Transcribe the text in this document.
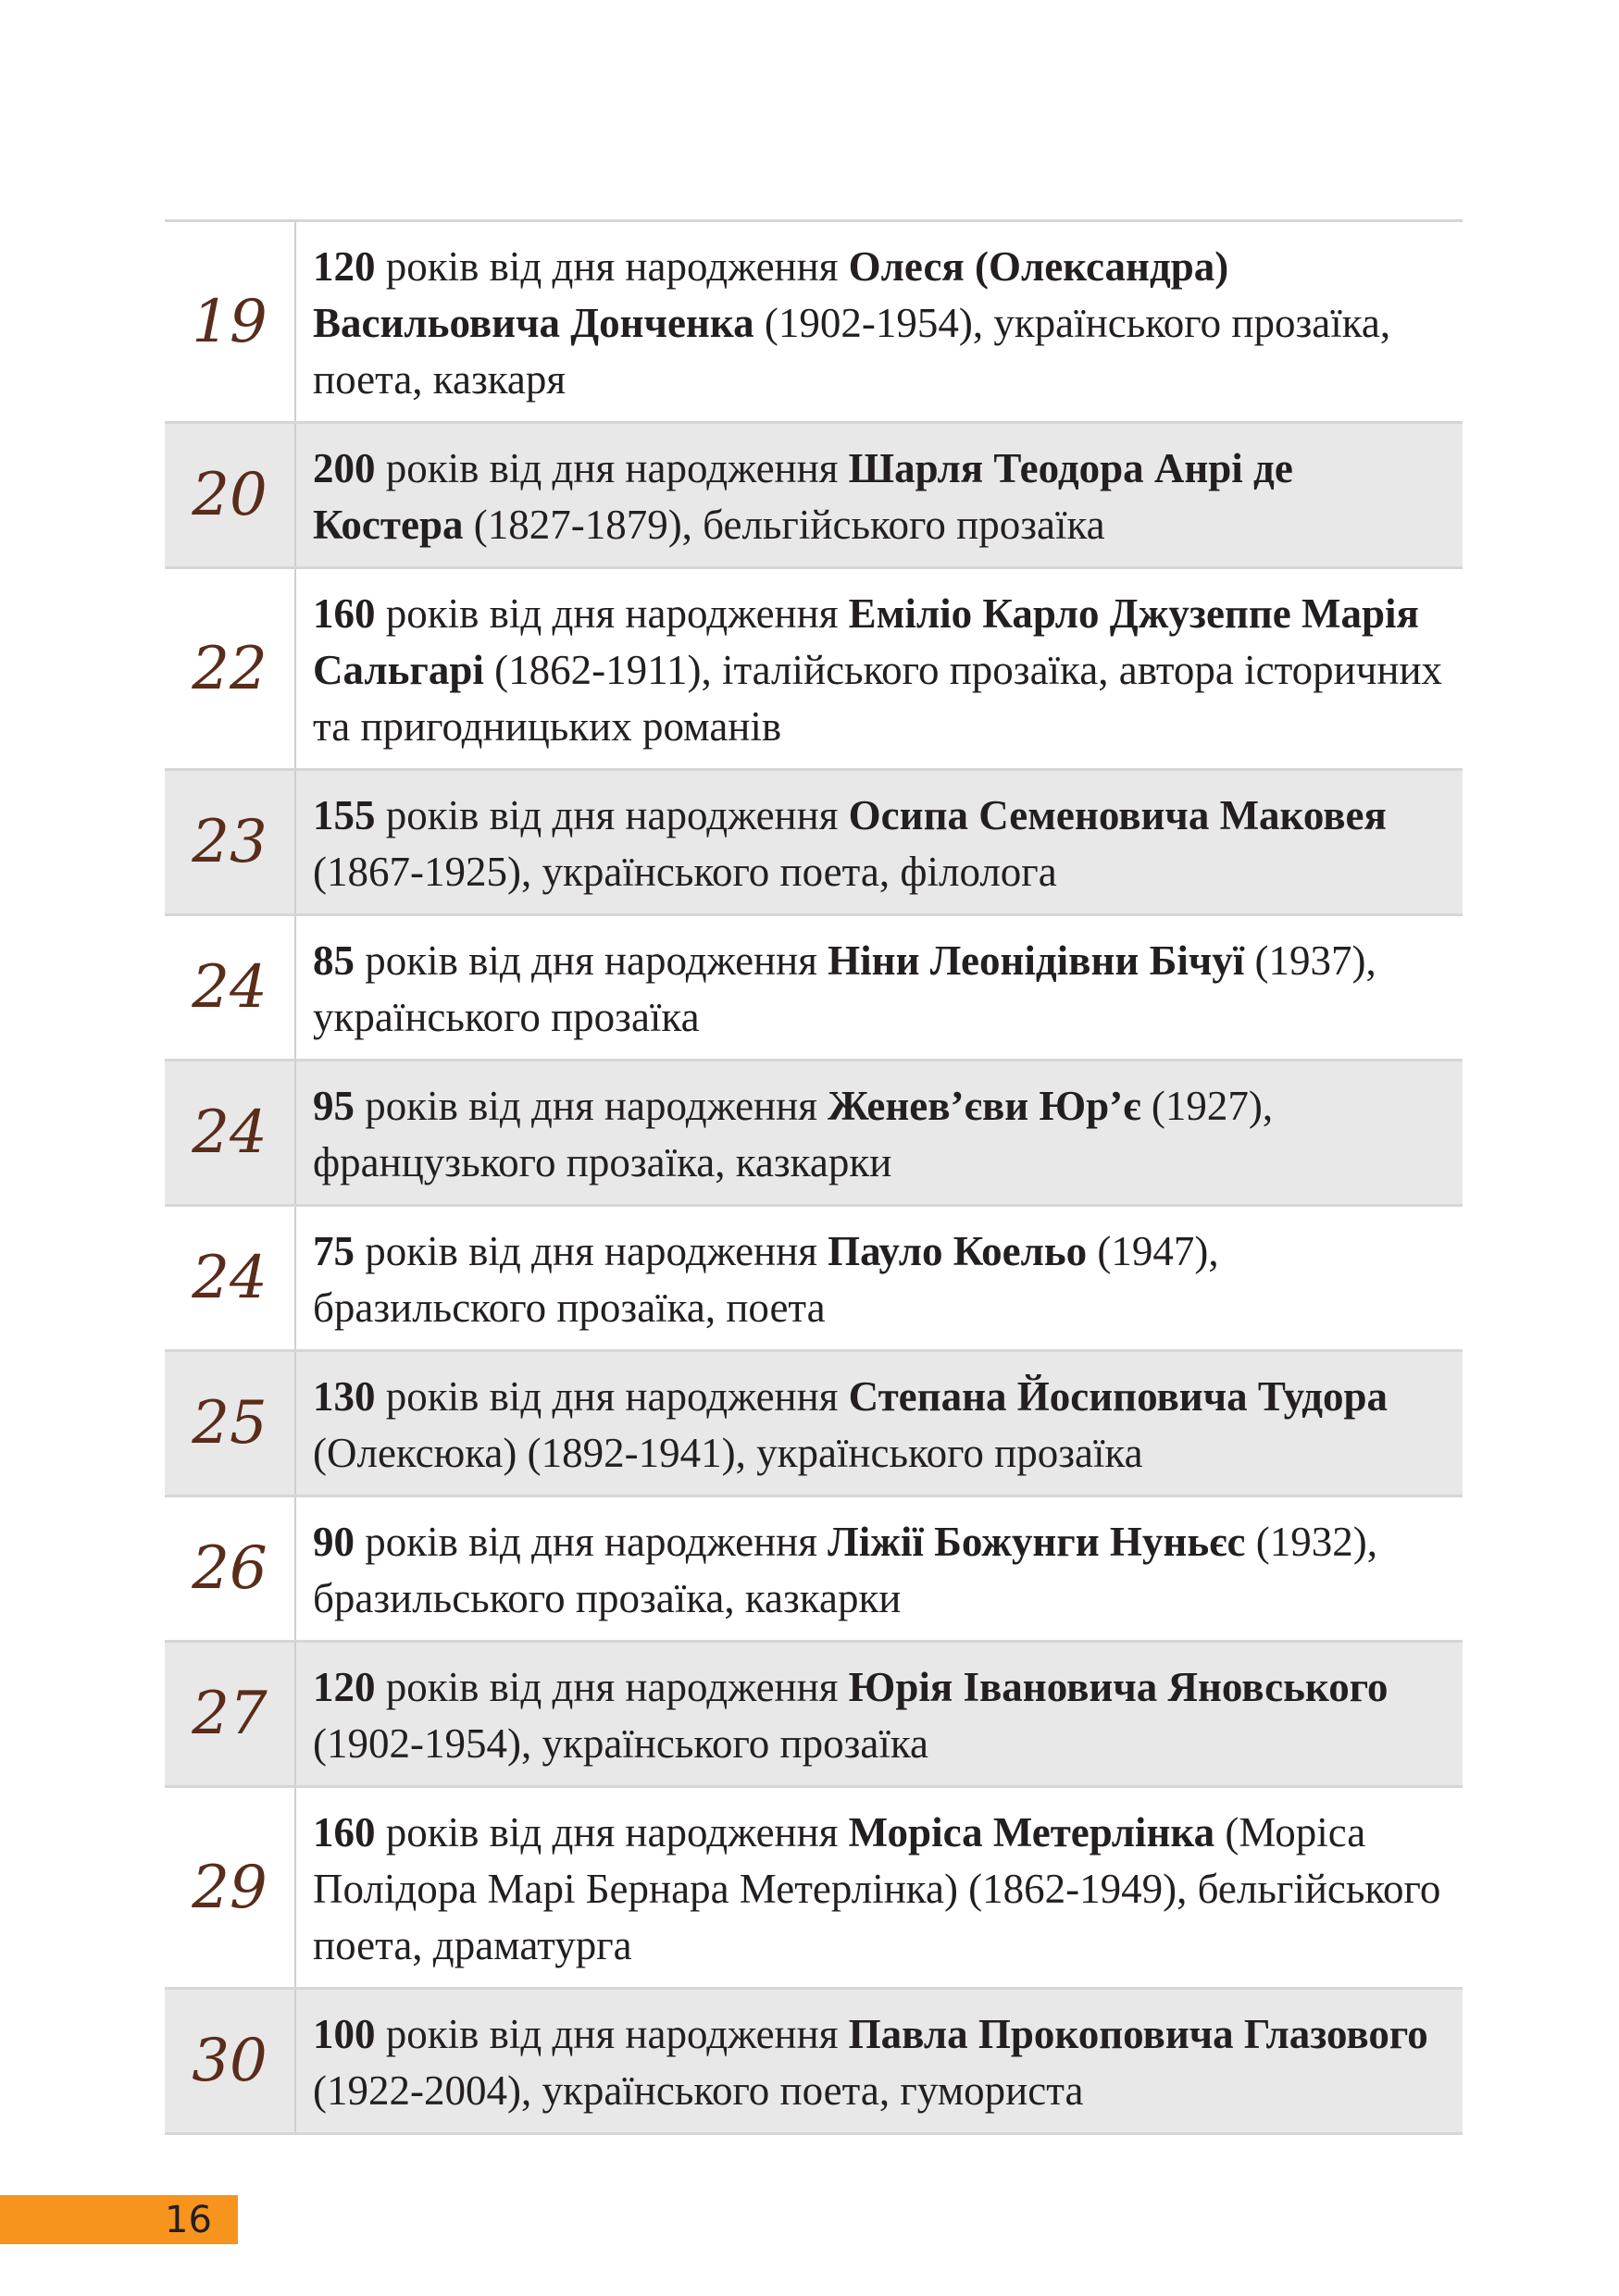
19	120 років від дня народження Олеся (Олександра) Васильовича Донченка (1902-1954), українського прозаїка, поета, казкаря
20	200 років від дня народження Шарля Теодора Анрі де Костера (1827-1879), бельгійського прозаїка
22	160 років від дня народження Еміліо Карло Джузеппе Марія Сальгарі (1862-1911), італійського прозаїка, автора історичних та пригодницьких романів
23	155 років від дня народження Осипа Семеновича Маковея (1867-1925), українського поета, філолога
24	85 років від дня народження Ніни Леонідівни Бічуї (1937), українського прозаїка
24	95 років від дня народження Женев’єви Юр’є (1927), французького прозаїка, казкарки
24	75 років від дня народження Пауло Коельо (1947), бразильского прозаїка, поета
25	130 років від дня народження Степана Йосиповича Тудора (Олексюка) (1892-1941), українського прозаїка
26	90 років від дня народження Ліжії Божунги Нуньєс (1932), бразильського прозаїка, казкарки
27	120 років від дня народження Юрія Івановича Яновського (1902-1954), українського прозаїка
29	160 років від дня народження Моріса Метерлінка (Моріса Полідора Марі Бернара Метерлінка) (1862-1949), бельгійського поета, драматурга
30	100 років від дня народження Павла Прокоповича Глазового (1922-2004), українського поета, гумориста
16
